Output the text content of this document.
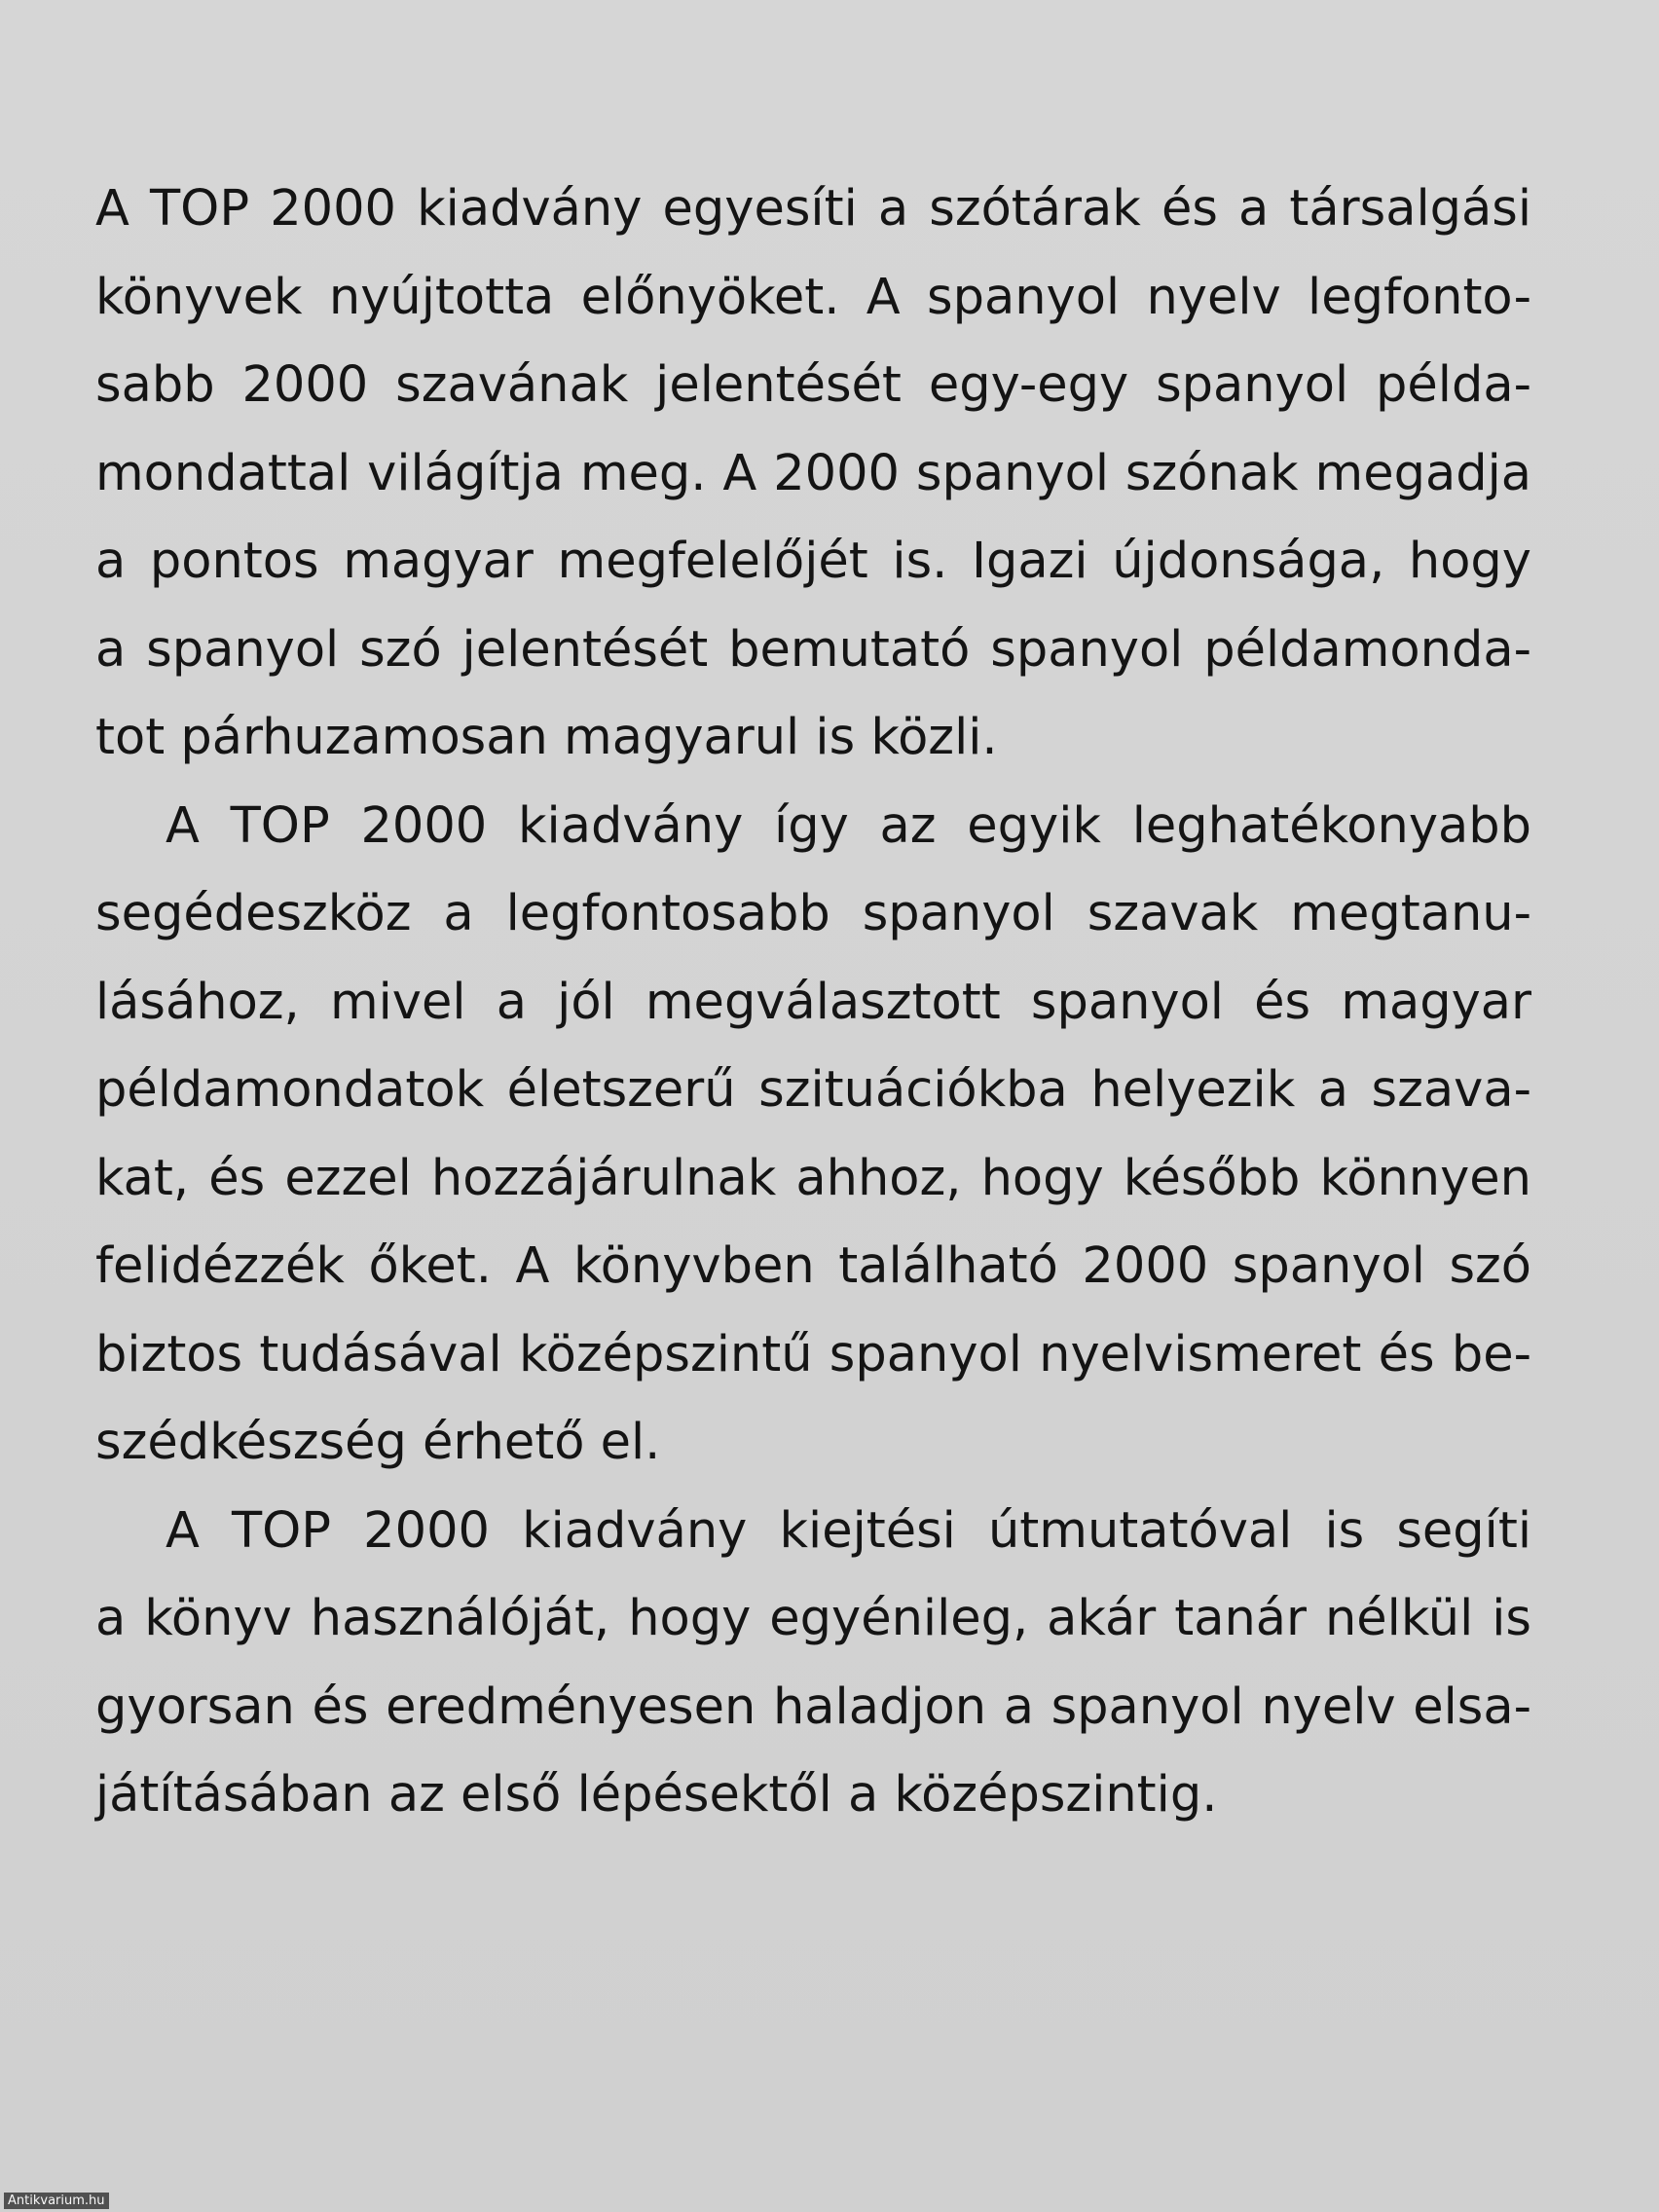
A TOP 2000 kiadvány egyesíti a szótárak és a társalgási
könyvek nyújtotta előnyöket. A spanyol nyelv legfonto-
sabb 2000 szavának jelentését egy-egy spanyol példa-
mondattal világítja meg. A 2000 spanyol szónak megadja
a pontos magyar megfelelőjét is. Igazi újdonsága, hogy
a spanyol szó jelentését bemutató spanyol példamonda-
tot párhuzamosan magyarul is közli.
A TOP 2000 kiadvány így az egyik leghatékonyabb
segédeszköz a legfontosabb spanyol szavak megtanu-
lásához, mivel a jól megválasztott spanyol és magyar
példamondatok életszerű szituációkba helyezik a szava-
kat, és ezzel hozzájárulnak ahhoz, hogy később könnyen
felidézzék őket. A könyvben található 2000 spanyol szó
biztos tudásával középszintű spanyol nyelvismeret és be-
szédkészség érhető el.
A TOP 2000 kiadvány kiejtési útmutatóval is segíti
a könyv használóját, hogy egyénileg, akár tanár nélkül is
gyorsan és eredményesen haladjon a spanyol nyelv elsa-
játításában az első lépésektől a középszintig.
Antikvarium.hu
